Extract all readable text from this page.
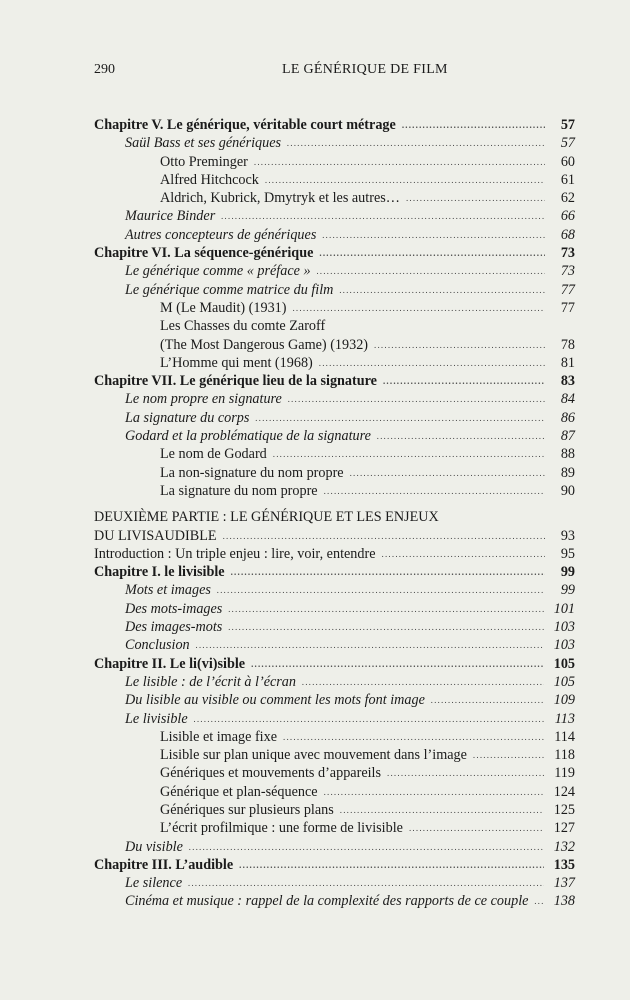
290	LE GÉNÉRIQUE DE FILM
Chapitre V. Le générique, véritable court métrage .....	57
Saül Bass et ses génériques .....	57
Otto Preminger .....	60
Alfred Hitchcock .....	61
Aldrich, Kubrick, Dmytryk et les autres… .....	62
Maurice Binder .....	66
Autres concepteurs de génériques .....	68
Chapitre VI. La séquence-générique .....	73
Le générique comme « préface » .....	73
Le générique comme matrice du film .....	77
M (Le Maudit) (1931) .....	77
Les Chasses du comte Zaroff
(The Most Dangerous Game) (1932) .....	78
L’Homme qui ment (1968) .....	81
Chapitre VII. Le générique lieu de la signature .....	83
Le nom propre en signature .....	84
La signature du corps .....	86
Godard et la problématique de la signature .....	87
Le nom de Godard .....	88
La non-signature du nom propre .....	89
La signature du nom propre .....	90
DEUXIÈME PARTIE : LE GÉNÉRIQUE ET LES ENJEUX
DU LIVISAUDIBLE .....	93
Introduction : Un triple enjeu : lire, voir, entendre .....	95
Chapitre I. le livisible .....	99
Mots et images .....	99
Des mots-images .....	101
Des images-mots .....	103
Conclusion .....	103
Chapitre II. Le li(vi)sible .....	105
Le lisible : de l’écrit à l’écran .....	105
Du lisible au visible ou comment les mots font image .....	109
Le livisible .....	113
Lisible et image fixe .....	114
Lisible sur plan unique avec mouvement dans l’image .....	118
Génériques et mouvements d’appareils .....	119
Générique et plan-séquence .....	124
Génériques sur plusieurs plans .....	125
L’écrit profilmique : une forme de livisible .....	127
Du visible .....	132
Chapitre III. L’audible .....	135
Le silence .....	137
Cinéma et musique : rappel de la complexité des rapports de ce couple ..... 138
